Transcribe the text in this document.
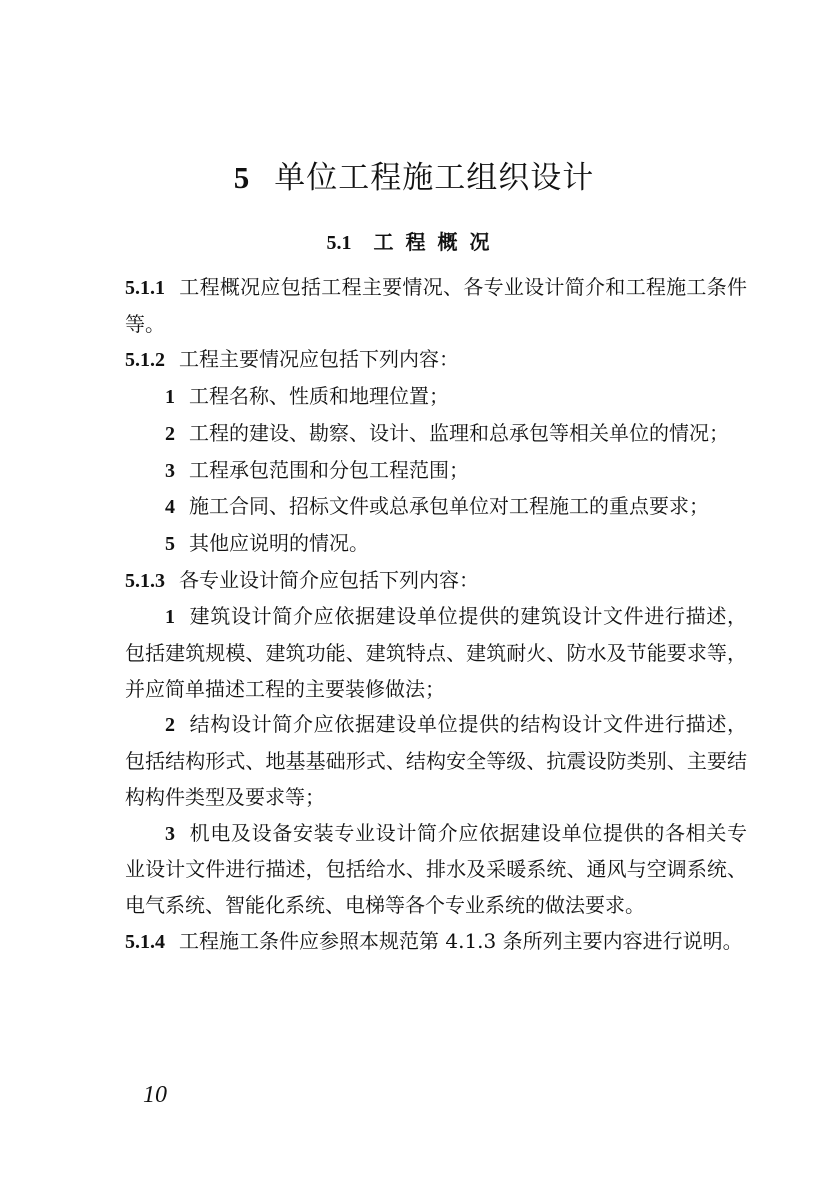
5 单位工程施工组织设计
5.1 工程概况

5.1.1 工程概况应包括工程主要情况、各专业设计简介和工程施工条件等。

5.1.2 工程主要情况应包括下列内容：

1 工程名称、性质和地理位置；

2 工程的建设、勘察、设计、监理和总承包等相关单位的情况；

3 工程承包范围和分包工程范围；

4 施工合同、招标文件或总承包单位对工程施工的重点要求；

5 其他应说明的情况。

5.1.3 各专业设计简介应包括下列内容：

1 建筑设计简介应依据建设单位提供的建筑设计文件进行描述，包括建筑规模、建筑功能、建筑特点、建筑耐火、防水及节能要求等，并应简单描述工程的主要装修做法；

2 结构设计简介应依据建设单位提供的结构设计文件进行描述，包括结构形式、地基基础形式、结构安全等级、抗震设防类别、主要结构构件类型及要求等；

3 机电及设备安装专业设计简介应依据建设单位提供的各相关专业设计文件进行描述，包括给水、排水及采暖系统、通风与空调系统、电气系统、智能化系统、电梯等各个专业系统的做法要求。

5.1.4 工程施工条件应参照本规范第 4.1.3 条所列主要内容进行说明。

10
